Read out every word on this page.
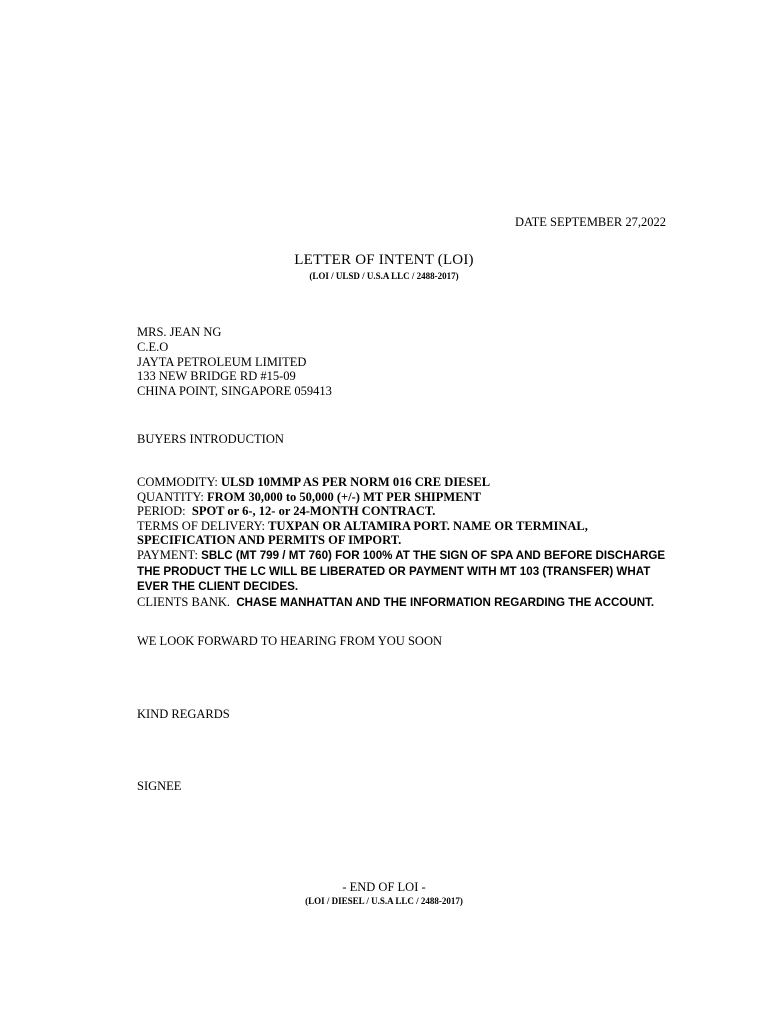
DATE SEPTEMBER 27,2022
LETTER OF INTENT (LOI)
(LOI / ULSD / U.S.A LLC / 2488-2017)
MRS. JEAN NG
C.E.O
JAYTA PETROLEUM LIMITED
133 NEW BRIDGE RD #15-09
CHINA POINT, SINGAPORE 059413
BUYERS INTRODUCTION

COMMODITY: ULSD 10MMP AS PER NORM 016 CRE DIESEL

QUANTITY: FROM 30,000 to 50,000 (+/-) MT PER SHIPMENT

PERIOD: SPOT or 6-, 12- or 24-MONTH CONTRACT.

TERMS OF DELIVERY: TUXPAN OR ALTAMIRA PORT. NAME OR TERMINAL, SPECIFICATION AND PERMITS OF IMPORT.

PAYMENT: SBLC (MT 799 / MT 760) FOR 100% AT THE SIGN OF SPA AND BEFORE DISCHARGE THE PRODUCT THE LC WILL BE LIBERATED OR PAYMENT WITH MT 103 (TRANSFER) WHAT EVER THE CLIENT DECIDES.

CLIENTS BANK. CHASE MANHATTAN AND THE INFORMATION REGARDING THE ACCOUNT.

WE LOOK FORWARD TO HEARING FROM YOU SOON
KIND REGARDS
SIGNEE
- END OF LOI -
(LOI / DIESEL / U.S.A LLC / 2488-2017)
